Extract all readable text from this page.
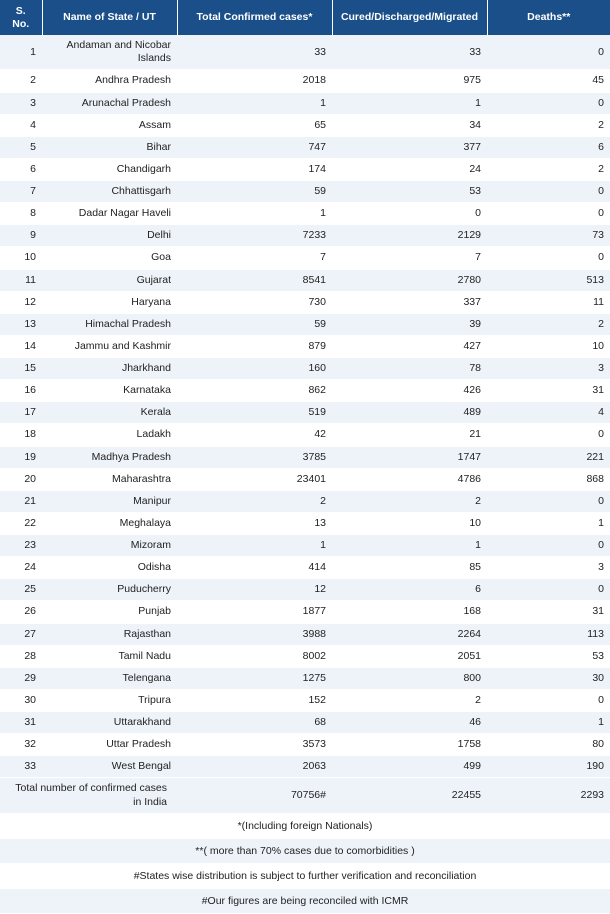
S. No.	Name of State / UT	Total Confirmed cases*	Cured/Discharged/Migrated	Deaths**
1	Andaman and Nicobar Islands	33	33	0
2	Andhra Pradesh	2018	975	45
3	Arunachal Pradesh	1	1	0
4	Assam	65	34	2
5	Bihar	747	377	6
6	Chandigarh	174	24	2
7	Chhattisgarh	59	53	0
8	Dadar Nagar Haveli	1	0	0
9	Delhi	7233	2129	73
10	Goa	7	7	0
11	Gujarat	8541	2780	513
12	Haryana	730	337	11
13	Himachal Pradesh	59	39	2
14	Jammu and Kashmir	879	427	10
15	Jharkhand	160	78	3
16	Karnataka	862	426	31
17	Kerala	519	489	4
18	Ladakh	42	21	0
19	Madhya Pradesh	3785	1747	221
20	Maharashtra	23401	4786	868
21	Manipur	2	2	0
22	Meghalaya	13	10	1
23	Mizoram	1	1	0
24	Odisha	414	85	3
25	Puducherry	12	6	0
26	Punjab	1877	168	31
27	Rajasthan	3988	2264	113
28	Tamil Nadu	8002	2051	53
29	Telengana	1275	800	30
30	Tripura	152	2	0
31	Uttarakhand	68	46	1
32	Uttar Pradesh	3573	1758	80
33	West Bengal	2063	499	190
Total number of confirmed cases in India		70756#	22455	2293
*(Including foreign Nationals)
**( more than 70% cases due to comorbidities )
#States wise distribution is subject to further verification and reconciliation
#Our figures are being reconciled with ICMR
